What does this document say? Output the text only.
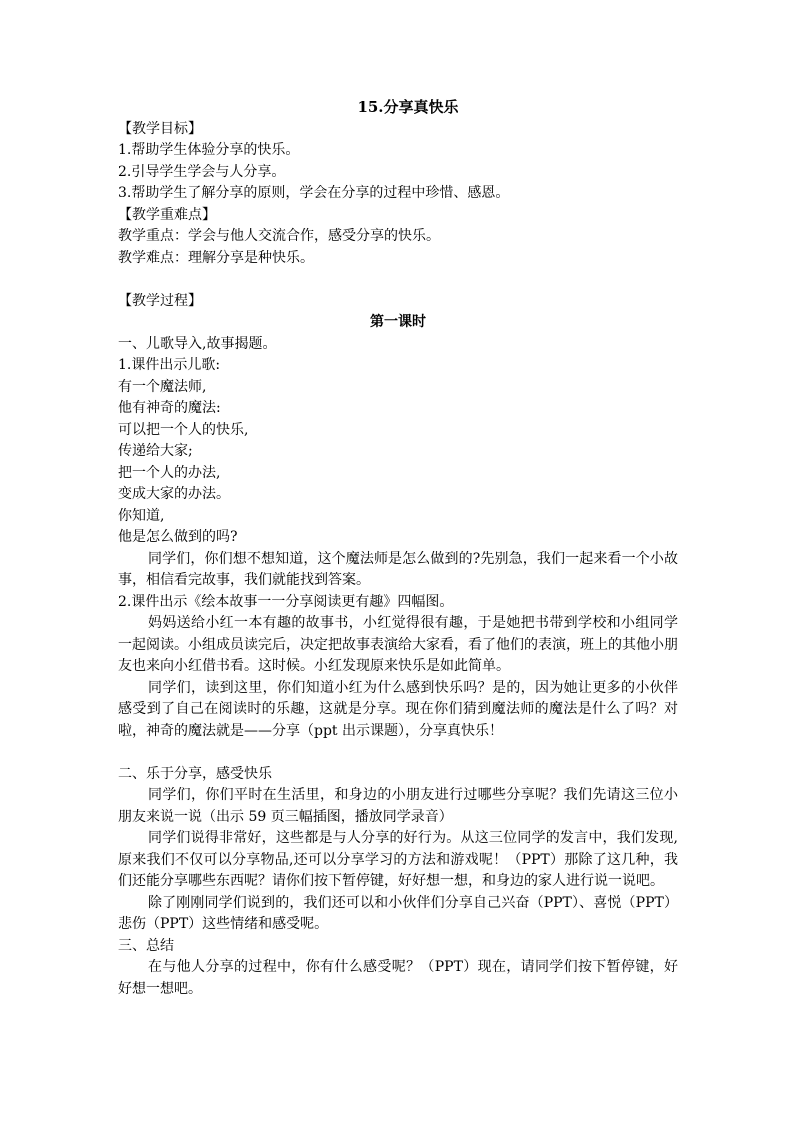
15.分享真快乐

【教学目标】

1.帮助学生体验分享的快乐。

2.引导学生学会与人分享。

3.帮助学生了解分享的原则，学会在分享的过程中珍惜、感恩。

【教学重难点】

教学重点：学会与他人交流合作，感受分享的快乐。

教学难点：理解分享是种快乐。

【教学过程】

第一课时

一、儿歌导入,故事揭题。

1.课件出示儿歌:

有一个魔法师,

他有神奇的魔法:

可以把一个人的快乐,

传递给大家;

把一个人的办法,

变成大家的办法。

你知道,

他是怎么做到的吗?

同学们，你们想不想知道，这个魔法师是怎么做到的?先别急，我们一起来看一个小故事，相信看完故事，我们就能找到答案。

2.课件出示《绘本故事一一分享阅读更有趣》四幅图。

妈妈送给小红一本有趣的故事书，小红觉得很有趣，于是她把书带到学校和小组同学一起阅读。小组成员读完后，决定把故事表演给大家看，看了他们的表演，班上的其他小朋友也来向小红借书看。这时候。小红发现原来快乐是如此简单。

同学们，读到这里，你们知道小红为什么感到快乐吗？是的，因为她让更多的小伙伴感受到了自己在阅读时的乐趣，这就是分享。现在你们猜到魔法师的魔法是什么了吗？对啦，神奇的魔法就是——分享（ppt 出示课题），分享真快乐！

二、乐于分享，感受快乐

同学们，你们平时在生活里，和身边的小朋友进行过哪些分享呢？我们先请这三位小朋友来说一说（出示 59 页三幅插图，播放同学录音）

同学们说得非常好，这些都是与人分享的好行为。从这三位同学的发言中，我们发现,原来我们不仅可以分享物品,还可以分享学习的方法和游戏呢！（PPT）那除了这几种，我们还能分享哪些东西呢？请你们按下暂停键，好好想一想，和身边的家人进行说一说吧。

除了刚刚同学们说到的，我们还可以和小伙伴们分享自己兴奋（PPT）、喜悦（PPT）悲伤（PPT）这些情绪和感受呢。

三、总结

在与他人分享的过程中，你有什么感受呢？（PPT）现在，请同学们按下暂停键，好好想一想吧。
